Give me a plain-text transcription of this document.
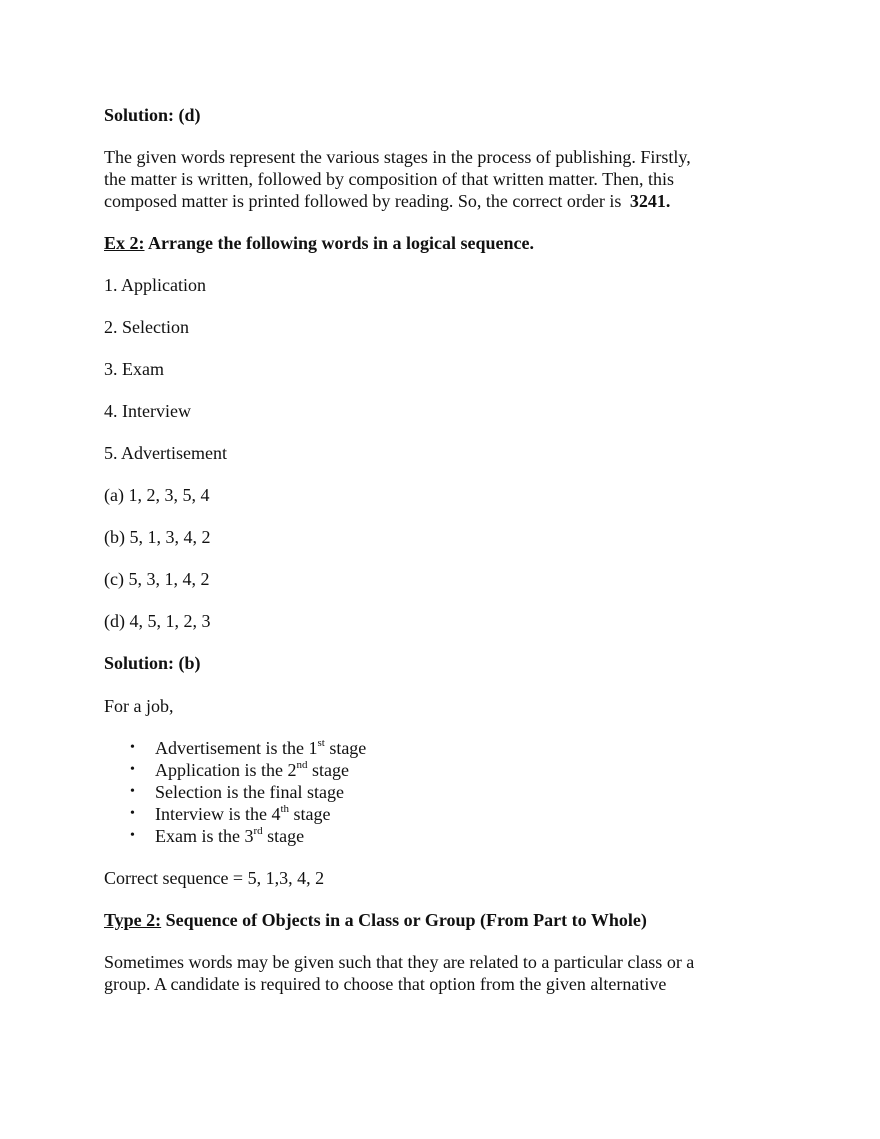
Solution: (d)

The given words represent the various stages in the process of publishing. Firstly,
the matter is written, followed by composition of that written matter. Then, this
composed matter is printed followed by reading. So, the correct order is 3241.

Ex 2: Arrange the following words in a logical sequence.

1. Application

2. Selection

3. Exam

4. Interview

5. Advertisement

(a) 1, 2, 3, 5, 4

(b) 5, 1, 3, 4, 2

(c) 5, 3, 1, 4, 2

(d) 4, 5, 1, 2, 3

Solution: (b)

For a job,

• Advertisement is the 1st stage
• Application is the 2nd stage
• Selection is the final stage
• Interview is the 4th stage
• Exam is the 3rd stage

Correct sequence = 5, 1,3, 4, 2

Type 2: Sequence of Objects in a Class or Group (From Part to Whole)

Sometimes words may be given such that they are related to a particular class or a
group. A candidate is required to choose that option from the given alternative
